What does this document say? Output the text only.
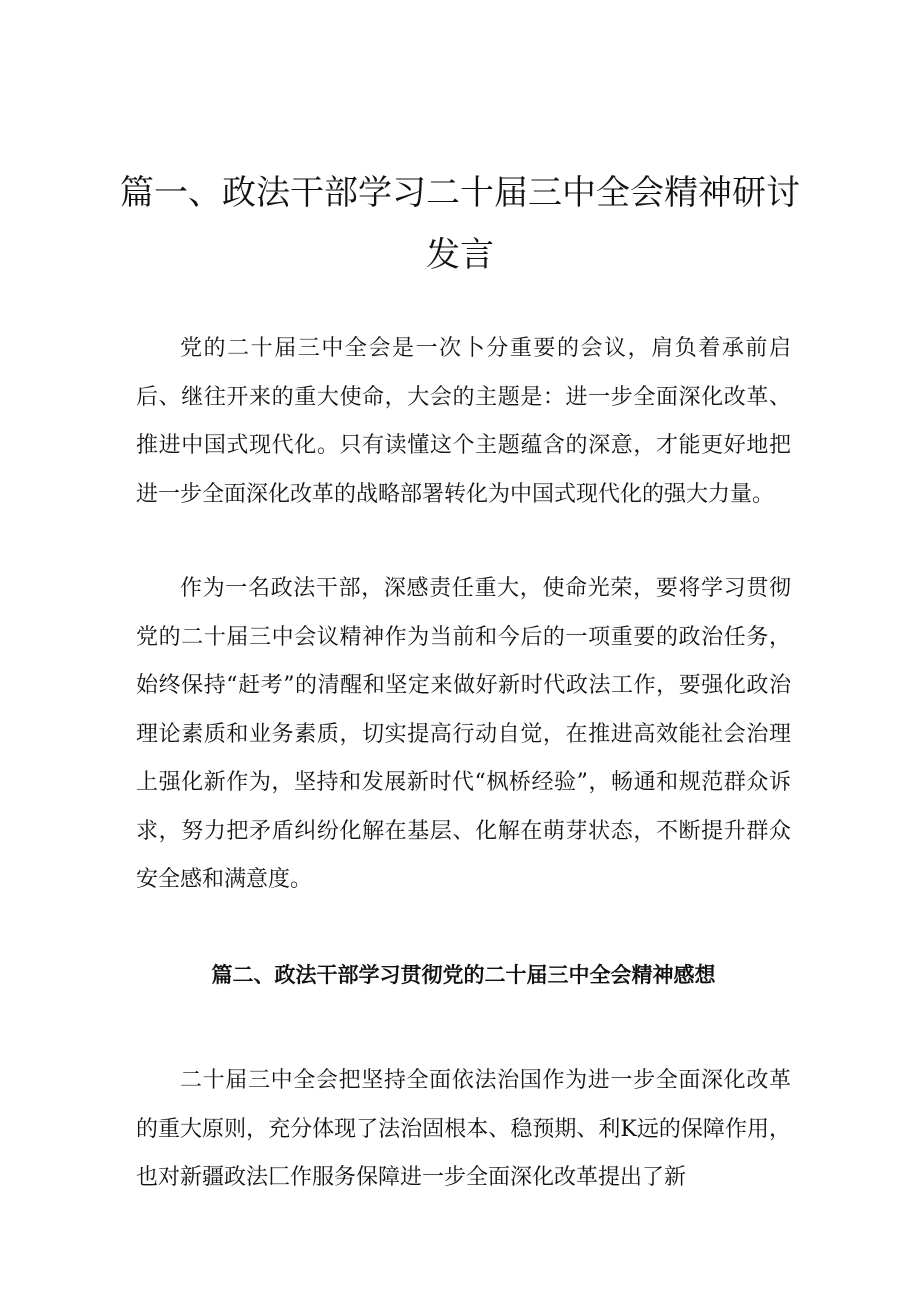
篇一、政法干部学习二十届三中全会精神研讨发言

党的二十届三中全会是一次卜分重要的会议，肩负着承前启后、继往开来的重大使命，大会的主题是：进一步全面深化改革、推进中国式现代化。只有读懂这个主题蕴含的深意，才能更好地把进一步全面深化改革的战略部署转化为中国式现代化的强大力量。

作为一名政法干部，深感责任重大，使命光荣，要将学习贯彻党的二十届三中会议精神作为当前和今后的一项重要的政治任务，始终保持“赶考”的清醒和坚定来做好新时代政法工作，要强化政治理论素质和业务素质，切实提高行动自觉，在推进高效能社会治理上强化新作为，坚持和发展新时代“枫桥经验”，畅通和规范群众诉求，努力把矛盾纠纷化解在基层、化解在萌芽状态，不断提升群众安全感和满意度。

篇二、政法干部学习贯彻党的二十届三中全会精神感想

二十届三中全会把坚持全面依法治国作为进一步全面深化改革的重大原则，充分体现了法治固根本、稳预期、利K远的保障作用，也对新疆政法匚作服务保障进一步全面深化改革提出了新
